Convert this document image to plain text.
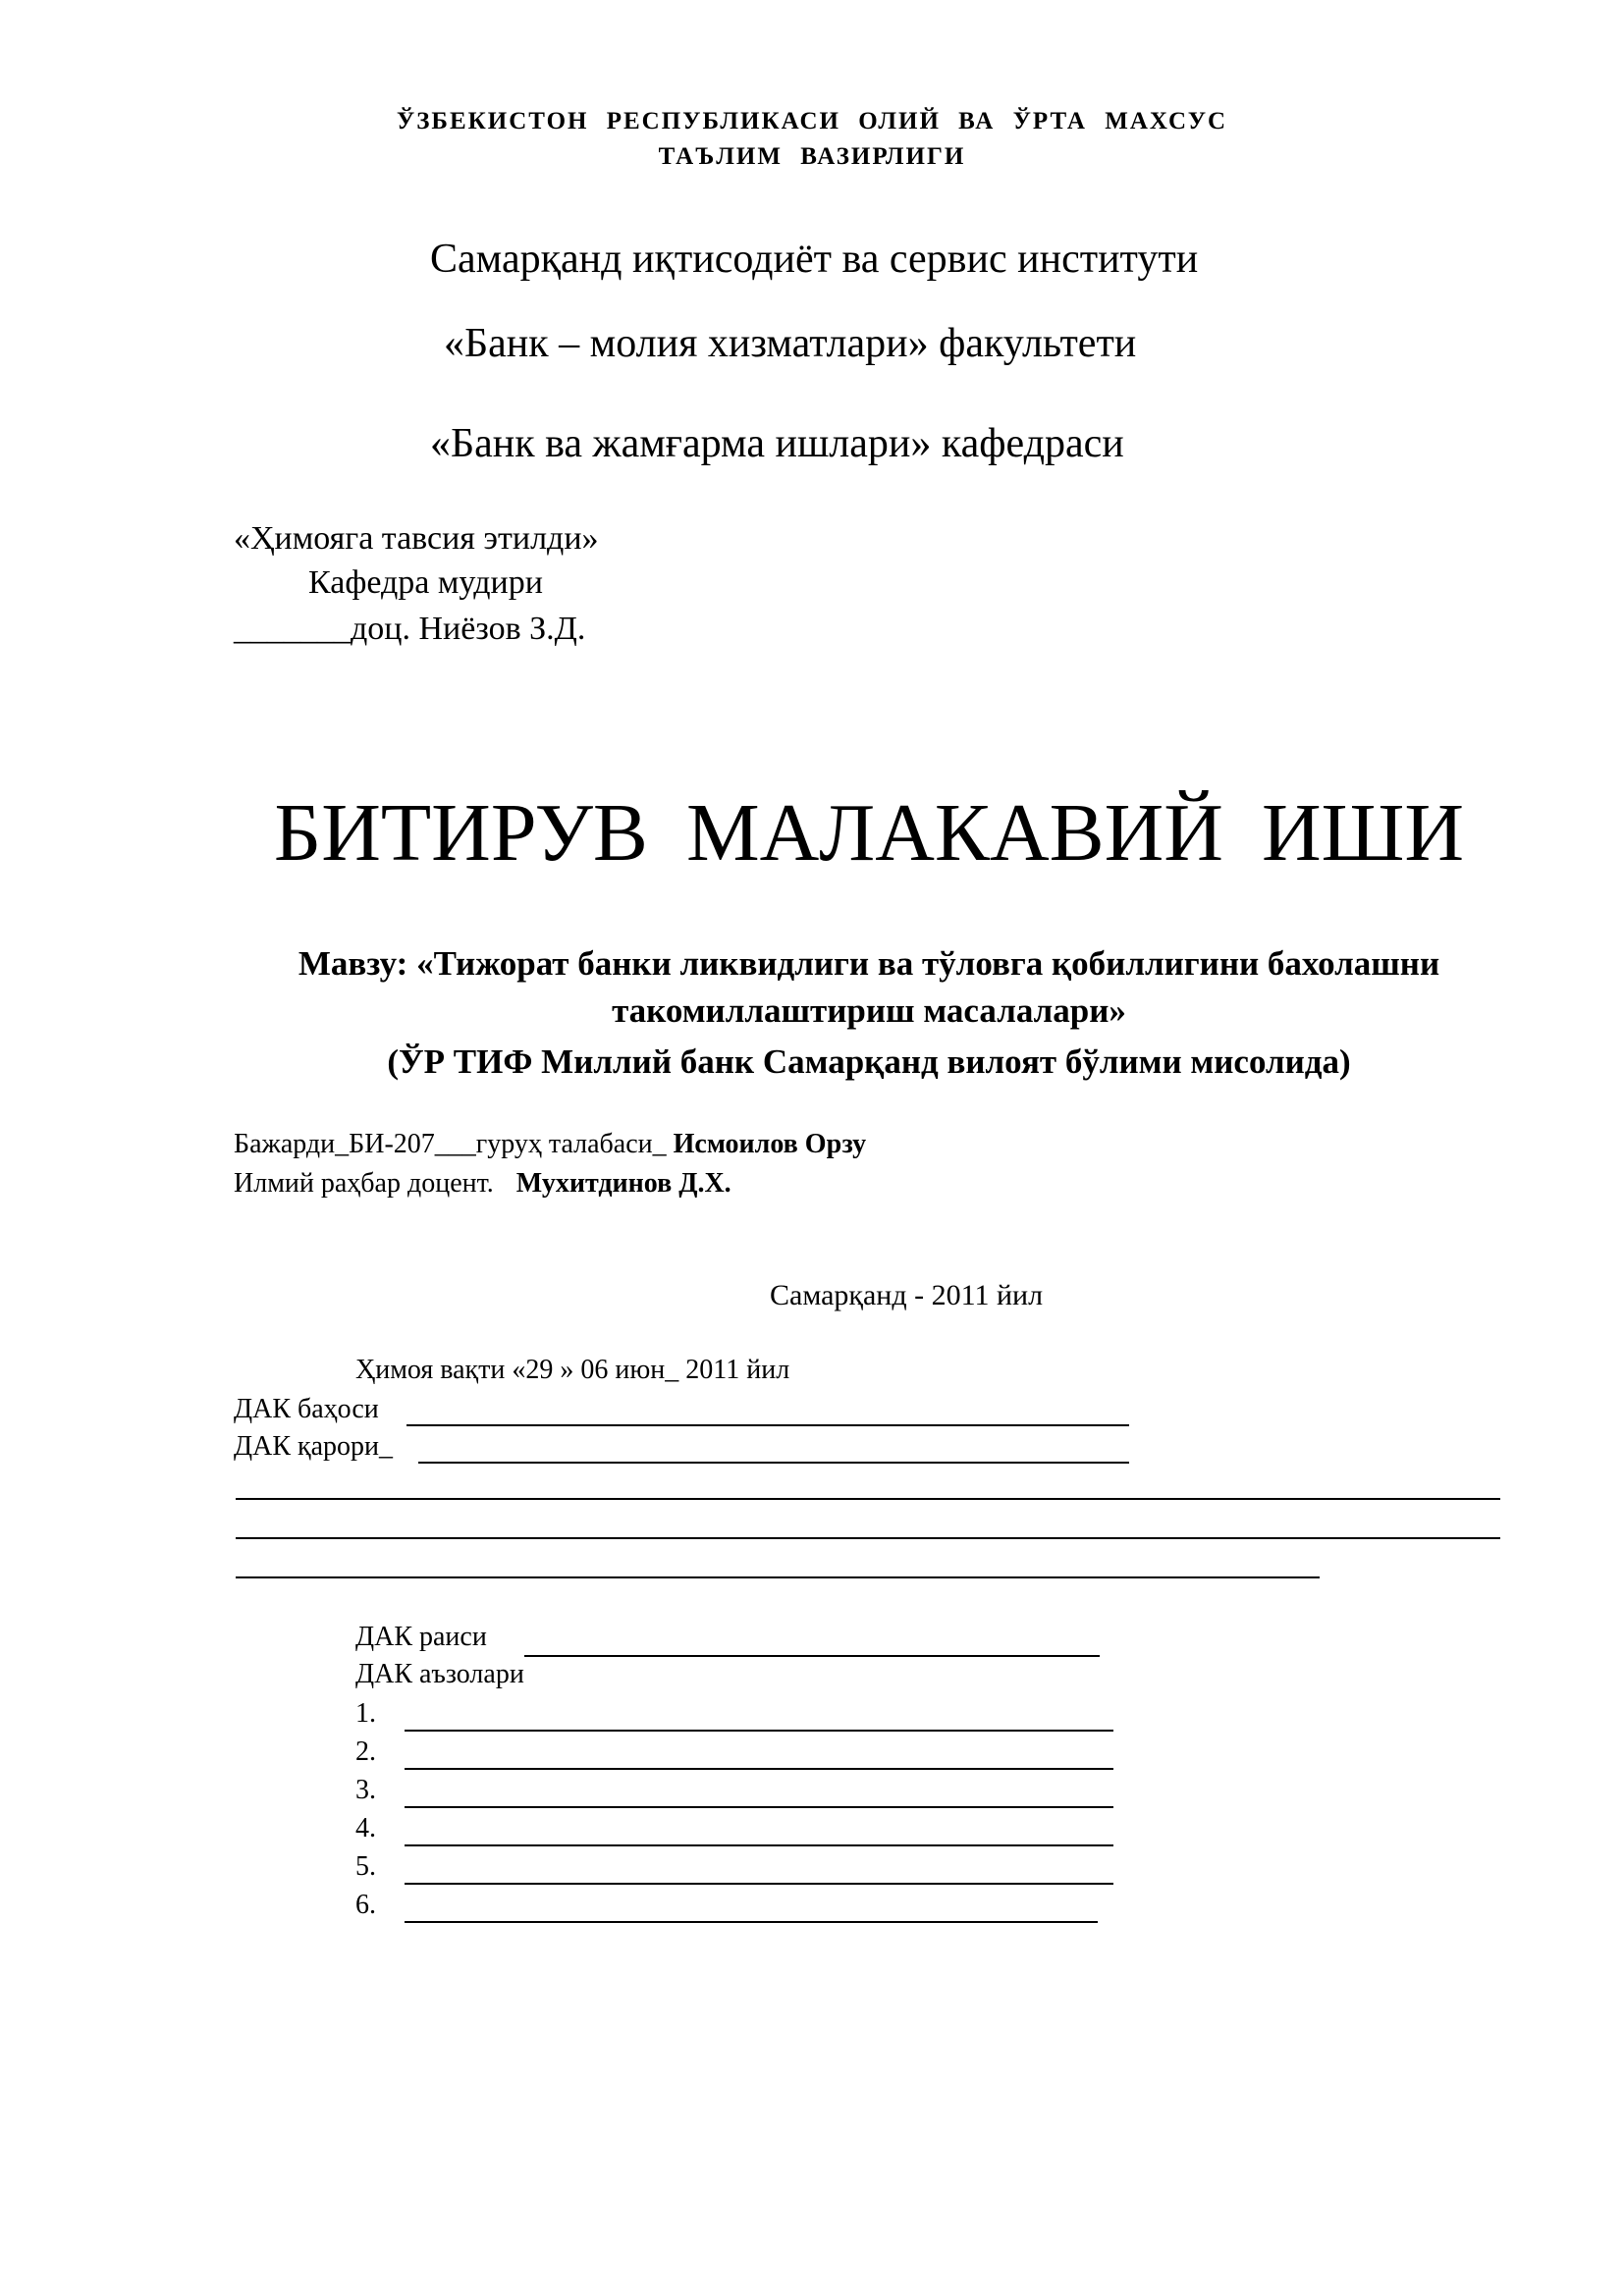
ЎЗБЕКИСТОН РЕСПУБЛИКАСИ ОЛИЙ ВА ЎРТА МАХСУС
ТАЪЛИМ ВАЗИРЛИГИ
Самарқанд иқтисодиёт ва сервис институти
«Банк – молия хизматлари» факультети
«Банк ва жамғарма ишлари» кафедраси
«Ҳимояга тавсия этилди»
Кафедра мудири
_______доц. Ниёзов З.Д.
БИТИРУВ МАЛАКАВИЙ ИШИ
Мавзу: «Тижорат банки ликвидлиги ва тўловга қобиллигини бахолашни
такомиллаштириш масалалари»
(ЎР ТИФ Миллий банк Самарқанд вилоят бўлими мисолида)
Бажарди_БИ-207___гуруҳ талабаси_ Исмоилов Орзу
Илмий раҳбар доцент. Мухитдинов Д.Х.
Самарқанд - 2011 йил
Ҳимоя вақти «29 » 06 июн_ 2011 йил
ДАК баҳоси
ДАК қарори_
ДАК раиси
ДАК аъзолари
1.
2.
3.
4.
5.
6.
